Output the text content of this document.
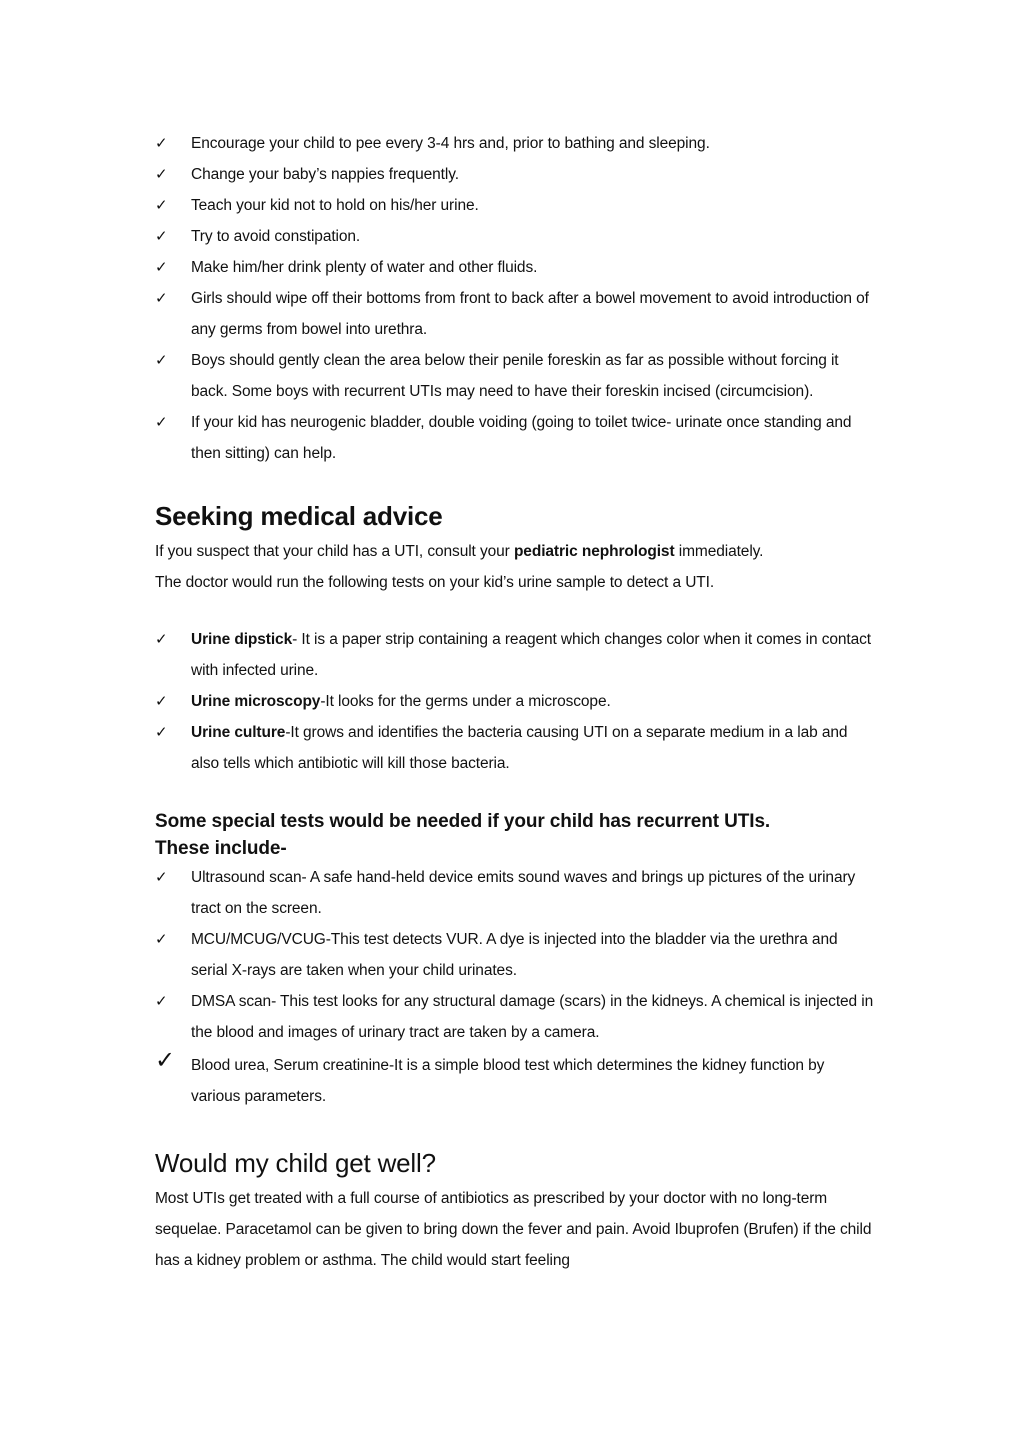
✓ Encourage your child to pee every 3-4 hrs and, prior to bathing and sleeping.
✓ Change your baby’s nappies frequently.
✓ Teach your kid not to hold on his/her urine.
✓ Try to avoid constipation.
✓ Make him/her drink plenty of water and other fluids.
✓ Girls should wipe off their bottoms from front to back after a bowel movement to avoid introduction of any germs from bowel into urethra.
✓ Boys should gently clean the area below their penile foreskin as far as possible without forcing it back. Some boys with recurrent UTIs may need to have their foreskin incised (circumcision).
✓ If your kid has neurogenic bladder, double voiding (going to toilet twice- urinate once standing and then sitting) can help.
Seeking medical advice

If you suspect that your child has a UTI, consult your pediatric nephrologist immediately.

The doctor would run the following tests on your kid’s urine sample to detect a UTI.

✓ Urine dipstick- It is a paper strip containing a reagent which changes color when it comes in contact with infected urine.
✓ Urine microscopy-It looks for the germs under a microscope.
✓ Urine culture-It grows and identifies the bacteria causing UTI on a separate medium in a lab and also tells which antibiotic will kill those bacteria.
Some special tests would be needed if your child has recurrent UTIs.
These include-
✓ Ultrasound scan- A safe hand-held device emits sound waves and brings up pictures of the urinary tract on the screen.
✓ MCU/MCUG/VCUG-This test detects VUR. A dye is injected into the bladder via the urethra and serial X-rays are taken when your child urinates.
✓ DMSA scan- This test looks for any structural damage (scars) in the kidneys. A chemical is injected in the blood and images of urinary tract are taken by a camera.
✓ Blood urea, Serum creatinine-It is a simple blood test which determines the kidney function by various parameters.
Would my child get well?

Most UTIs get treated with a full course of antibiotics as prescribed by your doctor with no long-term sequelae. Paracetamol can be given to bring down the fever and pain. Avoid Ibuprofen (Brufen) if the child has a kidney problem or asthma. The child would start feeling
